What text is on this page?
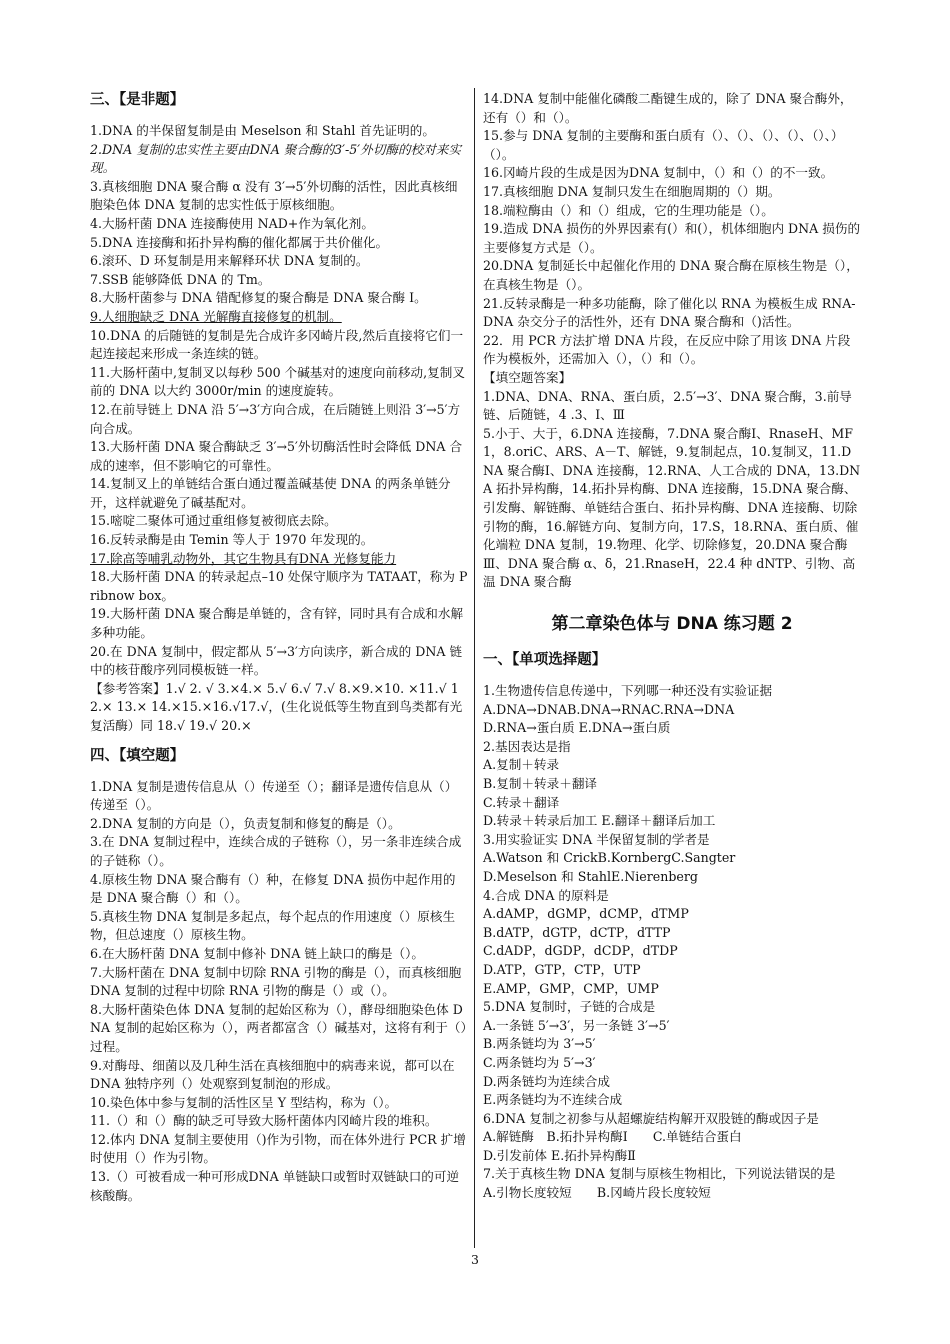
三、【是非题】

1.DNA 的半保留复制是由 Meselson 和 Stahl 首先证明的。

2.DNA 复制的忠实性主要由DNA 聚合酶的3′-5′外切酶的校对来实现。

3.真核细胞 DNA 聚合酶 α 没有 3′→5′外切酶的活性，因此真核细胞染色体 DNA 复制的忠实性低于原核细胞。

4.大肠杆菌 DNA 连接酶使用 NAD+作为氧化剂。

5.DNA 连接酶和拓扑异构酶的催化都属于共价催化。

6.滚环、D 环复制是用来解释环状 DNA 复制的。

7.SSB 能够降低 DNA 的 Tm。

8.大肠杆菌参与 DNA 错配修复的聚合酶是 DNA 聚合酶 I。

9.人细胞缺乏 DNA 光解酶直接修复的机制。

10.DNA 的后随链的复制是先合成许多冈崎片段,然后直接将它们一起连接起来形成一条连续的链。

11.大肠杆菌中,复制叉以每秒 500 个碱基对的速度向前移动,复制叉前的 DNA 以大约 3000r/min 的速度旋转。

12.在前导链上 DNA 沿 5′→3′方向合成，在后随链上则沿 3′→5′方向合成。

13.大肠杆菌 DNA 聚合酶缺乏 3′→5′外切酶活性时会降低 DNA 合成的速率，但不影响它的可靠性。

14.复制叉上的单链结合蛋白通过覆盖碱基使 DNA 的两条单链分开，这样就避免了碱基配对。

15.嘧啶二聚体可通过重组修复被彻底去除。

16.反转录酶是由 Temin 等人于 1970 年发现的。

17.除高等哺乳动物外，其它生物具有DNA 光修复能力

18.大肠杆菌 DNA 的转录起点–10 处保守顺序为 TATAAT，称为 Pribnow box。

19.大肠杆菌 DNA 聚合酶是单链的，含有锌，同时具有合成和水解多种功能。

20.在 DNA 复制中，假定都从 5′→3′方向读序，新合成的 DNA 链中的核苷酸序列同模板链一样。

【参考答案】1.√ 2. √ 3.×4.× 5.√ 6.√ 7.√ 8.×9.×10. ×11.√ 12.× 13.× 14.×15.×16.√17.√，(生化说低等生物直到鸟类都有光复活酶）同 18.√ 19.√ 20.×

四、【填空题】

1.DNA 复制是遗传信息从（）传递至（）；翻译是遗传信息从（）传递至（）。

2.DNA 复制的方向是（），负责复制和修复的酶是（）。

3.在 DNA 复制过程中，连续合成的子链称（），另一条非连续合成的子链称（）。

4.原核生物 DNA 聚合酶有（）种，在修复 DNA 损伤中起作用的是 DNA 聚合酶（）和（）。

5.真核生物 DNA 复制是多起点，每个起点的作用速度（）原核生物，但总速度（）原核生物。

6.在大肠杆菌 DNA 复制中修补 DNA 链上缺口的酶是（）。

7.大肠杆菌在 DNA 复制中切除 RNA 引物的酶是（），而真核细胞 DNA 复制的过程中切除 RNA 引物的酶是（）或（）。

8.大肠杆菌染色体 DNA 复制的起始区称为（），酵母细胞染色体 DNA 复制的起始区称为（），两者都富含（）碱基对，这将有利于（）过程。

9.对酶母、细菌以及几种生活在真核细胞中的病毒来说，都可以在 DNA 独特序列（）处观察到复制泡的形成。

10.染色体中参与复制的活性区呈 Y 型结构，称为（）。

11.（）和（）酶的缺乏可导致大肠杆菌体内冈崎片段的堆积。

12.体内 DNA 复制主要使用（)作为引物，而在体外进行 PCR 扩增时使用（）作为引物。

13.（）可被看成一种可形成DNA 单链缺口或暂时双链缺口的可逆核酸酶。

14.DNA 复制中能催化磷酸二酯键生成的，除了 DNA 聚合酶外，还有（）和（）。

15.参与 DNA 复制的主要酶和蛋白质有（）、（）、（）、（）、（）、）（）。

16.冈崎片段的生成是因为DNA 复制中，（）和（）的不一致。

17.真核细胞 DNA 复制只发生在细胞周期的（）期。

18.端粒酶由（）和（）组成，它的生理功能是（）。

19.造成 DNA 损伤的外界因素有(）和(），机体细胞内 DNA 损伤的主要修复方式是（）。

20.DNA 复制延长中起催化作用的 DNA 聚合酶在原核生物是（），在真核生物是（）。

21.反转录酶是一种多功能酶，除了催化以 RNA 为模板生成 RNA-DNA 杂交分子的活性外，还有 DNA 聚合酶和（)活性。

22．用 PCR 方法扩增 DNA 片段，在反应中除了用该 DNA 片段作为模板外，还需加入（），（）和（）。

【填空题答案】

1.DNA、DNA、RNA、蛋白质，2.5′→3′、DNA 聚合酶，3.前导链、后随链，4 .3、I、Ⅲ

5.小于、大于，6.DNA 连接酶，7.DNA 聚合酶Ⅰ、RnaseH、MF1，8.oriC、ARS、A－T、解链，9.复制起点，10.复制叉，11.DNA 聚合酶Ⅰ、DNA 连接酶，12.RNA、人工合成的 DNA，13.DNA 拓扑异构酶，14.拓扑异构酶、DNA 连接酶，15.DNA 聚合酶、引发酶、解链酶、单链结合蛋白、拓扑异构酶、DNA 连接酶、切除引物的酶，16.解链方向、复制方向，17.S，18.RNA、蛋白质、催化端粒 DNA 复制，19.物理、化学、切除修复，20.DNA 聚合酶Ⅲ、DNA 聚合酶 α、δ，21.RnaseH，22.4 种 dNTP、引物、高温 DNA 聚合酶

第二章染色体与 DNA 练习题 2
一、【单项选择题】

1.生物遗传信息传递中，下列哪一种还没有实验证据

A.DNA→DNAB.DNA→RNAC.RNA→DNA

D.RNA→蛋白质 E.DNA→蛋白质

2.基因表达是指

A.复制＋转录

B.复制＋转录＋翻译

C.转录＋翻译

D.转录＋转录后加工 E.翻译＋翻译后加工

3.用实验证实 DNA 半保留复制的学者是

A.Watson 和 CrickB.KornbergC.Sangter

D.Meselson 和 StahlE.Nierenberg

4.合成 DNA 的原料是

A.dAMP，dGMP，dCMP，dTMP

B.dATP，dGTP，dCTP，dTTP

C.dADP，dGDP，dCDP，dTDP

D.ATP，GTP，CTP，UTP

E.AMP，GMP，CMP，UMP

5.DNA 复制时，子链的合成是

A.一条链 5′→3′，另一条链 3′→5′

B.两条链均为 3′→5′

C.两条链均为 5′→3′

D.两条链均为连续合成

E.两条链均为不连续合成

6.DNA 复制之初参与从超螺旋结构解开双股链的酶或因子是

A.解链酶　B.拓扑异构酶Ⅰ　　C.单链结合蛋白

D.引发前体 E.拓扑异构酶Ⅱ

7.关于真核生物 DNA 复制与原核生物相比，下列说法错误的是

A.引物长度较短　　B.冈崎片段长度较短

3
